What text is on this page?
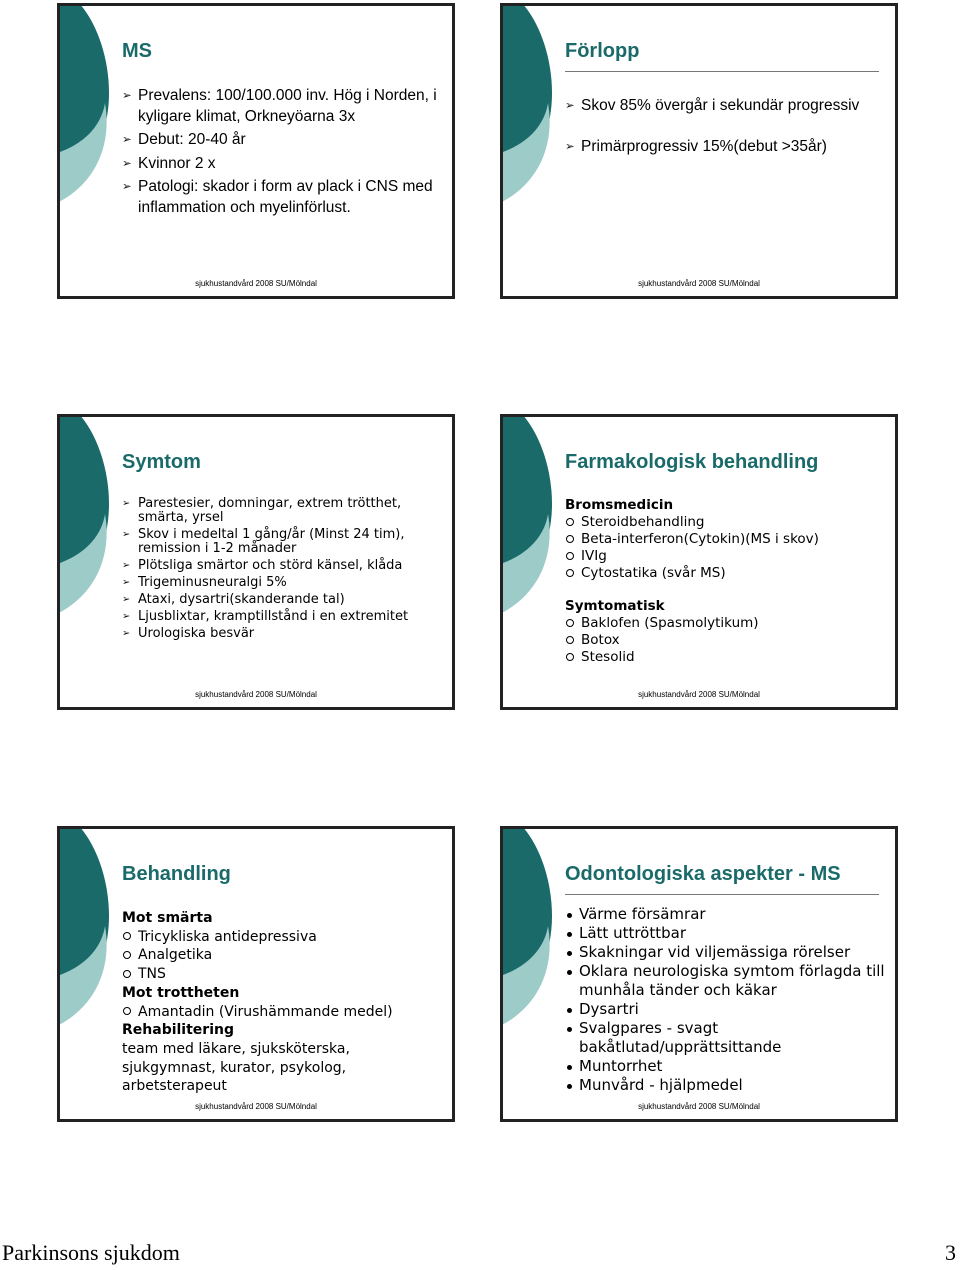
MS
➢ Prevalens: 100/100.000 inv. Hög i Norden, i kyligare klimat, Orkneyöarna 3x
➢ Debut: 20-40 år
➢ Kvinnor 2 x
➢ Patologi: skador i form av plack i CNS med inflammation och myelinförlust.
sjukhustandvård 2008 SU/Mölndal
Förlopp
➢ Skov 85% övergår i sekundär progressiv
➢ Primärprogressiv 15%(debut >35år)
sjukhustandvård 2008 SU/Mölndal
Symtom
➢ Parestesier, domningar, extrem trötthet, smärta, yrsel
➢ Skov i medeltal 1 gång/år (Minst 24 tim), remission i 1-2 månader
➢ Plötsliga smärtor och störd känsel, klåda
➢ Trigeminusneuralgi 5%
➢ Ataxi, dysartri(skanderande tal)
➢ Ljusblixtar, kramptillstånd i en extremitet
➢ Urologiska besvär
sjukhustandvård 2008 SU/Mölndal
Farmakologisk behandling
Bromsmedicin
Steroidbehandling
Beta-interferon(Cytokin)(MS i skov)
IVIg
Cytostatika (svår MS)
Symtomatisk
Baklofen (Spasmolytikum)
Botox
Stesolid
sjukhustandvård 2008 SU/Mölndal
Behandling
Mot smärta
Tricykliska antidepressiva
Analgetika
TNS
Mot trottheten
Amantadin (Virushämmande medel)
Rehabilitering
team med läkare, sjuksköterska, sjukgymnast, kurator, psykolog, arbetsterapeut
sjukhustandvård 2008 SU/Mölndal
Odontologiska aspekter - MS
Värme försämrar
Lätt uttröttbar
Skakningar vid viljemässiga rörelser
Oklara neurologiska symtom förlagda till munhåla tänder och käkar
Dysartri
Svalgpares - svagt bakåtlutad/upprättsittande
Muntorrhet
Munvård - hjälpmedel
sjukhustandvård 2008 SU/Mölndal
Parkinsons sjukdom	3
